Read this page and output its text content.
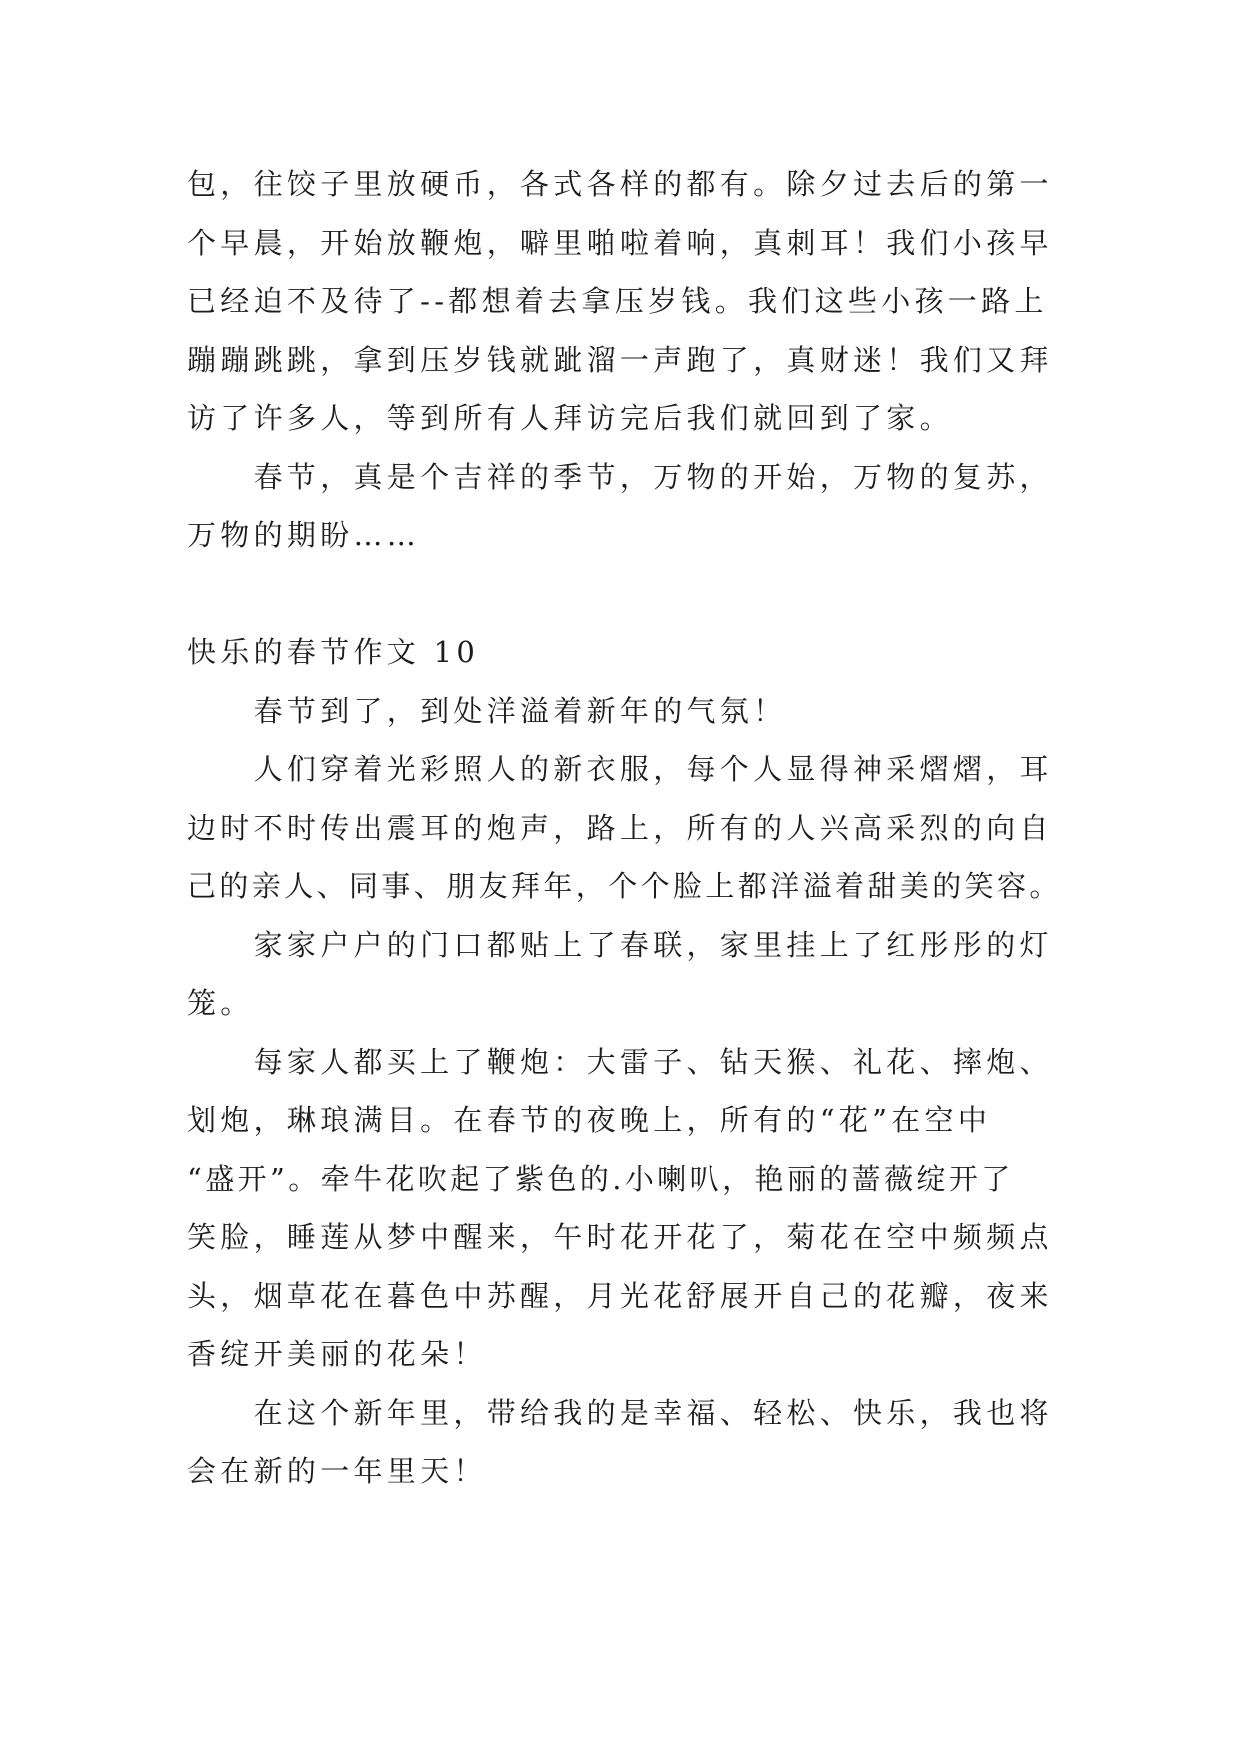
包，往饺子里放硬币，各式各样的都有。除夕过去后的第一
个早晨，开始放鞭炮，噼里啪啦着响，真刺耳！我们小孩早
已经迫不及待了--都想着去拿压岁钱。我们这些小孩一路上
蹦蹦跳跳，拿到压岁钱就跐溜一声跑了，真财迷！我们又拜
访了许多人，等到所有人拜访完后我们就回到了家。
春节，真是个吉祥的季节，万物的开始，万物的复苏，
万物的期盼……
快乐的春节作文 10
春节到了，到处洋溢着新年的气氛！
人们穿着光彩照人的新衣服，每个人显得神采熠熠，耳
边时不时传出震耳的炮声，路上，所有的人兴高采烈的向自
己的亲人、同事、朋友拜年，个个脸上都洋溢着甜美的笑容。
家家户户的门口都贴上了春联，家里挂上了红彤彤的灯
笼。
每家人都买上了鞭炮：大雷子、钻天猴、礼花、摔炮、
划炮，琳琅满目。在春节的夜晚上，所有的“花”在空中
“盛开”。牵牛花吹起了紫色的.小喇叭，艳丽的蔷薇绽开了
笑脸，睡莲从梦中醒来，午时花开花了，菊花在空中频频点
头，烟草花在暮色中苏醒，月光花舒展开自己的花瓣，夜来
香绽开美丽的花朵！
在这个新年里，带给我的是幸福、轻松、快乐，我也将
会在新的一年里天！
